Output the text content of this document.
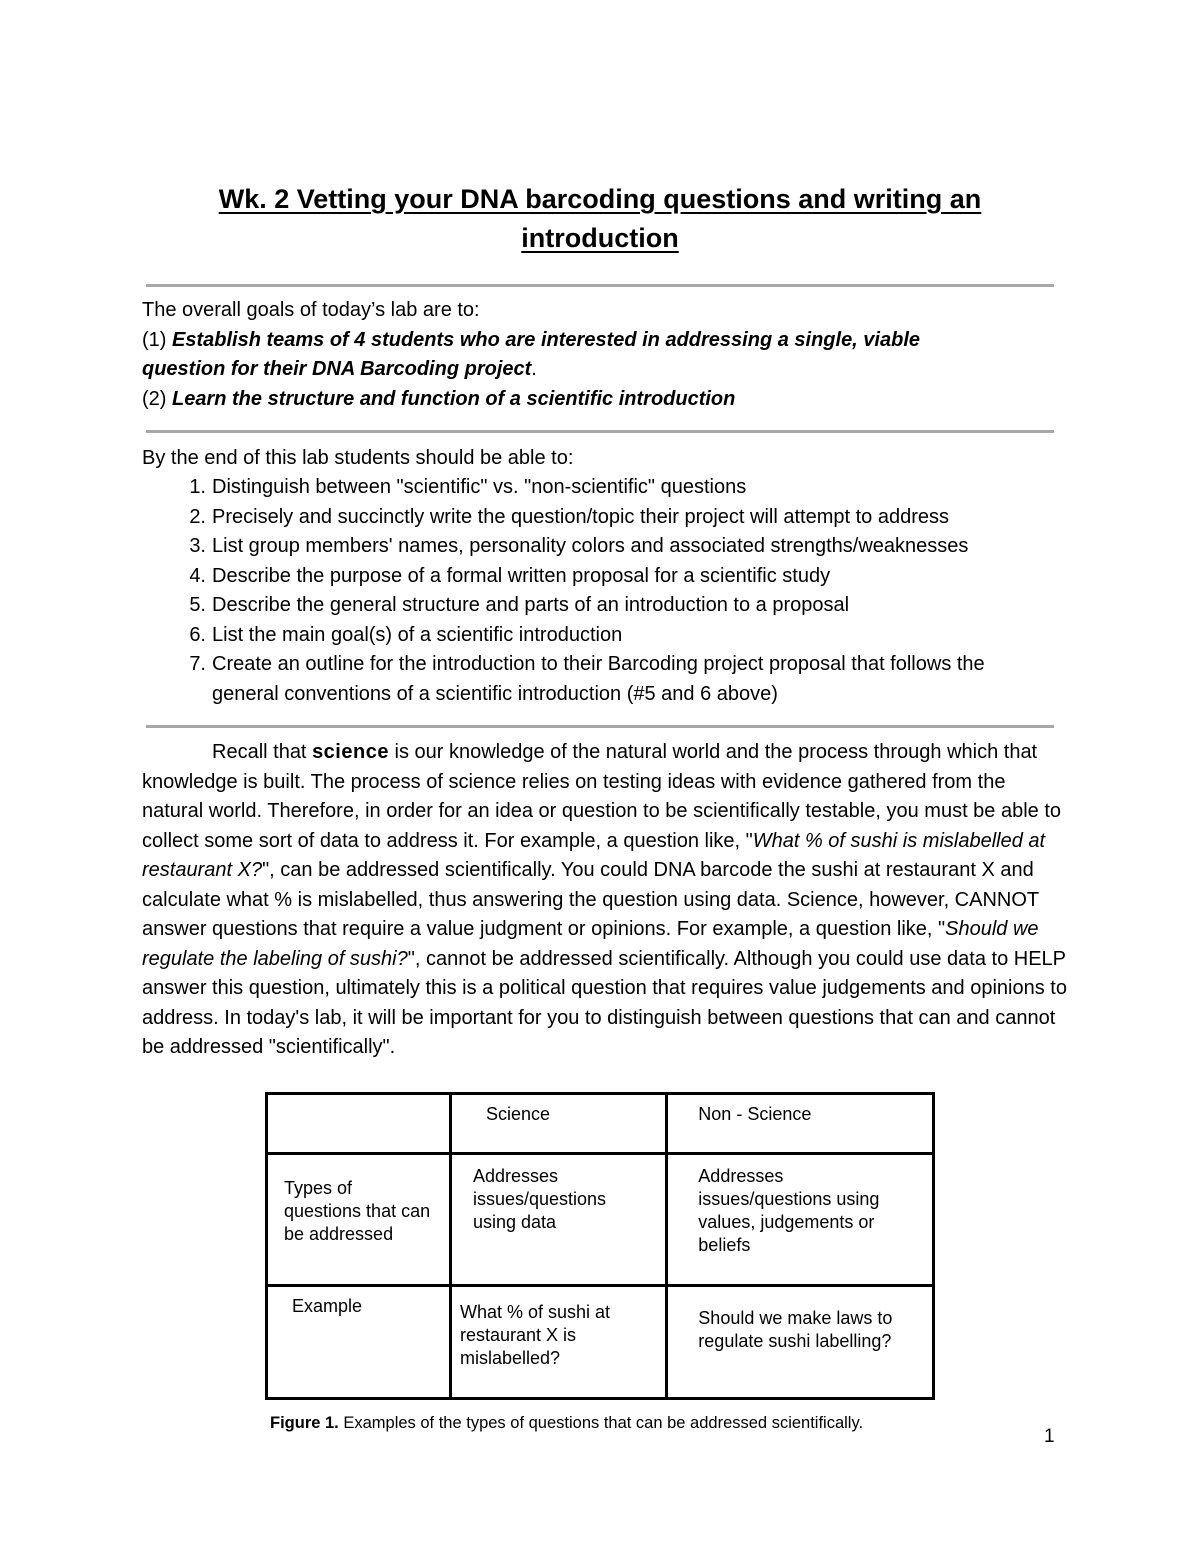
Wk. 2 Vetting your DNA barcoding questions and writing an
introduction
The overall goals of today’s lab are to:
(1) Establish teams of 4 students who are interested in addressing a single, viable
question for their DNA Barcoding project.
(2) Learn the structure and function of a scientific introduction
By the end of this lab students should be able to:
1. Distinguish between "scientific" vs. "non-scientific" questions
2. Precisely and succinctly write the question/topic their project will attempt to address
3. List group members' names, personality colors and associated strengths/weaknesses
4. Describe the purpose of a formal written proposal for a scientific study
5. Describe the general structure and parts of an introduction to a proposal
6. List the main goal(s) of a scientific introduction
7. Create an outline for the introduction to their Barcoding project proposal that follows the
general conventions of a scientific introduction (#5 and 6 above)

Recall that science is our knowledge of the natural world and the process through which that knowledge is built. The process of science relies on testing ideas with evidence gathered from the natural world. Therefore, in order for an idea or question to be scientifically testable, you must be able to collect some sort of data to address it. For example, a question like, "What % of sushi is mislabelled at restaurant X?", can be addressed scientifically. You could DNA barcode the sushi at restaurant X and calculate what % is mislabelled, thus answering the question using data. Science, however, CANNOT answer questions that require a value judgment or opinions. For example, a question like, "Should we regulate the labeling of sushi?", cannot be addressed scientifically. Although you could use data to HELP answer this question, ultimately this is a political question that requires value judgements and opinions to address. In today's lab, it will be important for you to distinguish between questions that can and cannot be addressed "scientifically".

	Science	Non - Science

Types of questions that can be addressed	Addresses issues/questions using data	Addresses issues/questions using values, judgements or beliefs

Example	What % of sushi at restaurant X is mislabelled?	Should we make laws to regulate sushi labelling?
Figure 1. Examples of the types of questions that can be addressed scientifically.
1
